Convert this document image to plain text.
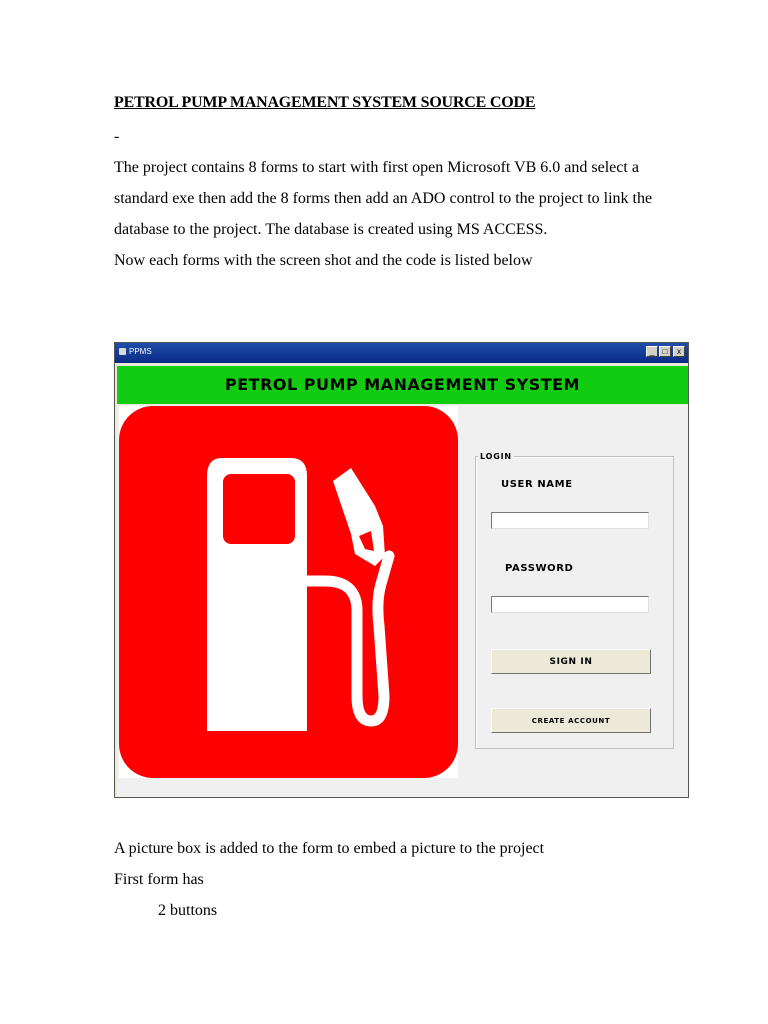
PETROL PUMP MANAGEMENT SYSTEM SOURCE CODE
-

The project contains 8 forms to start with first open Microsoft VB 6.0 and select a standard exe then add the 8 forms then add an ADO control to the project to link the database to the project. The database is created using MS ACCESS.

Now each forms with the screen shot and the code is listed below

PPMS	_	□	x
PETROL PUMP MANAGEMENT SYSTEM
LOGIN
USER NAME
PASSWORD
SIGN IN
CREATE ACCOUNT
A picture box is added to the form to embed a picture to the project
First form has
2 buttons
